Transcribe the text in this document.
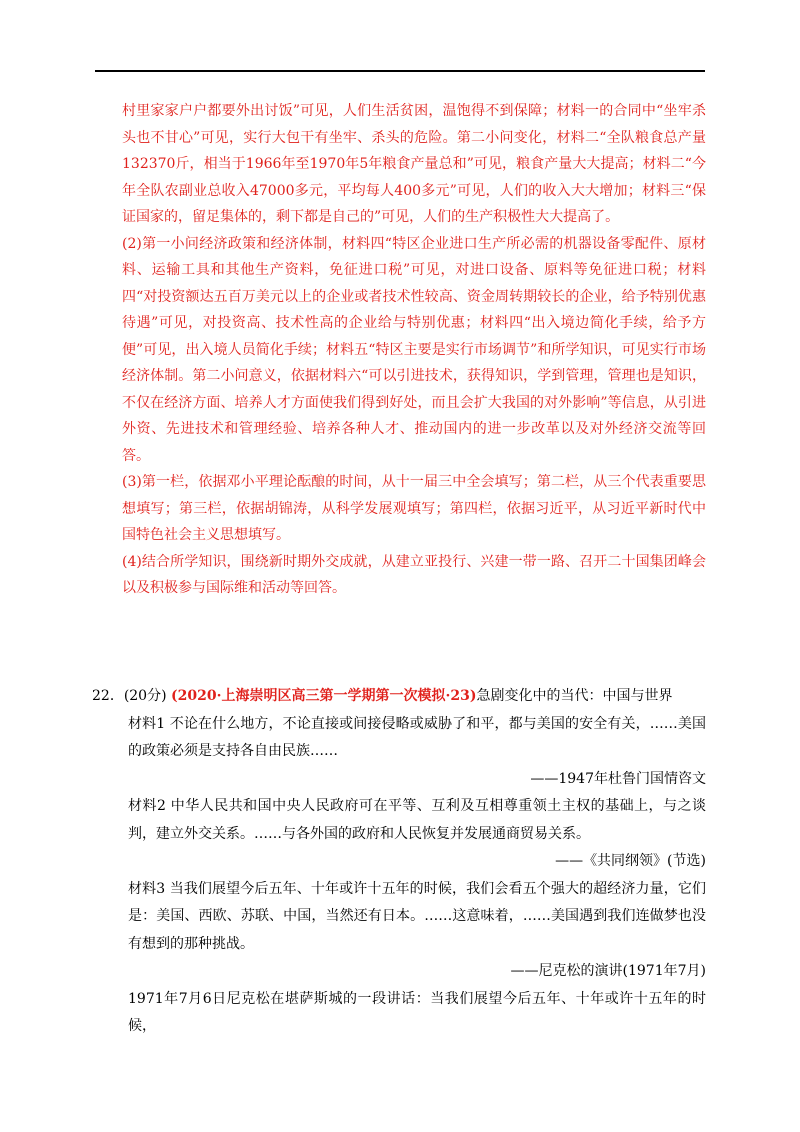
村里家家户户都要外出讨饭”可见，人们生活贫困，温饱得不到保障；材料一的合同中“坐牢杀头也不甘心”可见，实行大包干有坐牢、杀头的危险。第二小问变化，材料二“全队粮食总产量132370斤，相当于1966年至1970年5年粮食产量总和”可见，粮食产量大大提高；材料二“今年全队农副业总收入47000多元，平均每人400多元”可见，人们的收入大大增加；材料三“保证国家的，留足集体的，剩下都是自己的”可见，人们的生产积极性大大提高了。

(2)第一小问经济政策和经济体制，材料四“特区企业进口生产所必需的机器设备零配件、原材料、运输工具和其他生产资料，免征进口税”可见，对进口设备、原料等免征进口税；材料四“对投资额达五百万美元以上的企业或者技术性较高、资金周转期较长的企业，给予特别优惠待遇”可见，对投资高、技术性高的企业给与特别优惠；材料四“出入境边简化手续，给予方便”可见，出入境人员简化手续；材料五“特区主要是实行市场调节”和所学知识，可见实行市场经济体制。第二小问意义，依据材料六“可以引进技术，获得知识，学到管理，管理也是知识，不仅在经济方面、培养人才方面使我们得到好处，而且会扩大我国的对外影响”等信息，从引进外资、先进技术和管理经验、培养各种人才、推动国内的进一步改革以及对外经济交流等回答。

(3)第一栏，依据邓小平理论酝酿的时间，从十一届三中全会填写；第二栏，从三个代表重要思想填写；第三栏，依据胡锦涛，从科学发展观填写；第四栏，依据习近平，从习近平新时代中国特色社会主义思想填写。

(4)结合所学知识，围绕新时期外交成就，从建立亚投行、兴建一带一路、召开二十国集团峰会以及积极参与国际维和活动等回答。

22．(20分) (2020·上海崇明区高三第一学期第一次模拟·23)急剧变化中的当代：中国与世界

材料1 不论在什么地方，不论直接或间接侵略或威胁了和平，都与美国的安全有关，……美国的政策必须是支持各自由民族……

——1947年杜鲁门国情咨文

材料2 中华人民共和国中央人民政府可在平等、互利及互相尊重领土主权的基础上，与之谈判，建立外交关系。……与各外国的政府和人民恢复并发展通商贸易关系。

——《共同纲领》(节选)

材料3 当我们展望今后五年、十年或许十五年的时候，我们会看五个强大的超经济力量，它们是：美国、西欧、苏联、中国，当然还有日本。……这意味着，……美国遇到我们连做梦也没有想到的那种挑战。

——尼克松的演讲(1971年7月)

1971年7月6日尼克松在堪萨斯城的一段讲话：当我们展望今后五年、十年或许十五年的时候，
